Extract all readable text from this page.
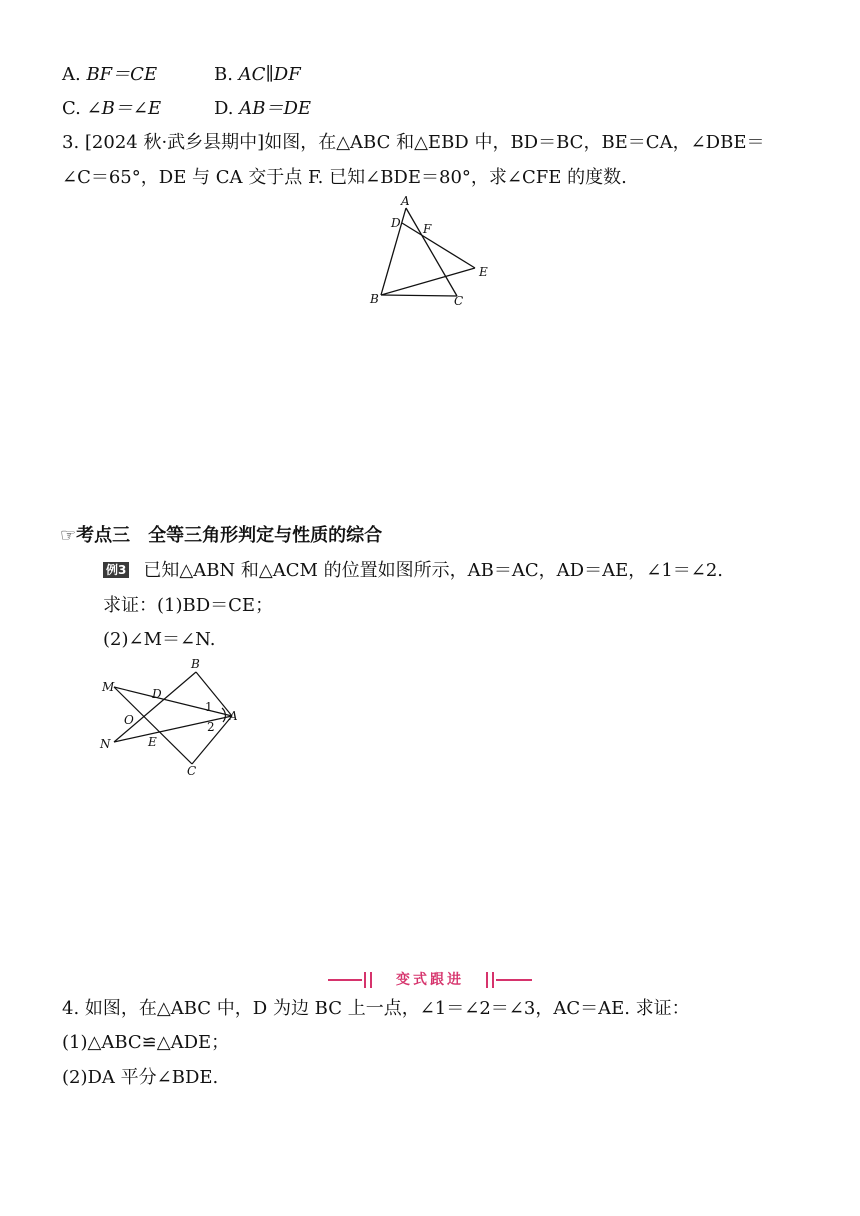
A. BF＝CE	B. AC∥DF
C. ∠B＝∠E	D. AB＝DE
3. [2024 秋·武乡县期中]如图，在△ABC 和△EBD 中，BD＝BC，BE＝CA，∠DBE＝
∠C＝65°，DE 与 CA 交于点 F. 已知∠BDE＝80°，求∠CFE 的度数.
A
D F
E
B	C
☞考点三　全等三角形判定与性质的综合
例3 已知△ABN 和△ACM 的位置如图所示，AB＝AC，AD＝AE，∠1＝∠2.
求证：(1)BD＝CE；
(2)∠M＝∠N.
B
M	D
O
1
2
A
E
N
C
变式跟进
4. 如图，在△ABC 中，D 为边 BC 上一点，∠1＝∠2＝∠3，AC＝AE. 求证：
(1)△ABC≌△ADE；
(2)DA 平分∠BDE.
